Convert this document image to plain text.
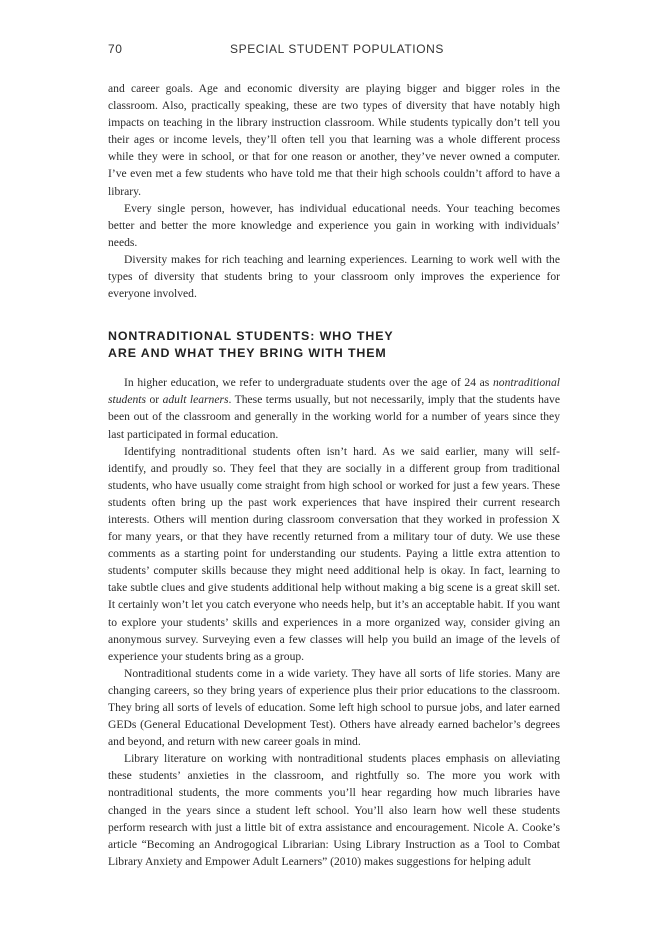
70	SPECIAL STUDENT POPULATIONS

and career goals. Age and economic diversity are playing bigger and bigger roles in the classroom. Also, practically speaking, these are two types of diversity that have notably high impacts on teaching in the library instruction classroom. While students typically don’t tell you their ages or income levels, they’ll often tell you that learning was a whole different process while they were in school, or that for one reason or another, they’ve never owned a computer. I’ve even met a few students who have told me that their high schools couldn’t afford to have a library.

Every single person, however, has individual educational needs. Your teaching becomes better and better the more knowledge and experience you gain in working with individuals’ needs.

Diversity makes for rich teaching and learning experiences. Learning to work well with the types of diversity that students bring to your classroom only improves the experience for everyone involved.

NONTRADITIONAL STUDENTS: WHO THEY
ARE AND WHAT THEY BRING WITH THEM

In higher education, we refer to undergraduate students over the age of 24 as nontraditional students or adult learners. These terms usually, but not necessarily, imply that the students have been out of the classroom and generally in the working world for a number of years since they last participated in formal education.

Identifying nontraditional students often isn’t hard. As we said earlier, many will self-identify, and proudly so. They feel that they are socially in a different group from traditional students, who have usually come straight from high school or worked for just a few years. These students often bring up the past work experiences that have inspired their current research interests. Others will mention during classroom conversation that they worked in profession X for many years, or that they have recently returned from a military tour of duty. We use these comments as a starting point for understanding our students. Paying a little extra attention to students’ computer skills because they might need additional help is okay. In fact, learning to take subtle clues and give students additional help without making a big scene is a great skill set. It certainly won’t let you catch everyone who needs help, but it’s an acceptable habit. If you want to explore your students’ skills and experiences in a more organized way, consider giving an anonymous survey. Surveying even a few classes will help you build an image of the levels of experience your students bring as a group.

Nontraditional students come in a wide variety. They have all sorts of life stories. Many are changing careers, so they bring years of experience plus their prior educations to the classroom. They bring all sorts of levels of education. Some left high school to pursue jobs, and later earned GEDs (General Educational Development Test). Others have already earned bachelor’s degrees and beyond, and return with new career goals in mind.

Library literature on working with nontraditional students places emphasis on alleviating these students’ anxieties in the classroom, and rightfully so. The more you work with nontraditional students, the more comments you’ll hear regarding how much libraries have changed in the years since a student left school. You’ll also learn how well these students perform research with just a little bit of extra assistance and encouragement. Nicole A. Cooke’s article “Becoming an Androgogical Librarian: Using Library Instruction as a Tool to Combat Library Anxiety and Empower Adult Learners” (2010) makes suggestions for helping adult
